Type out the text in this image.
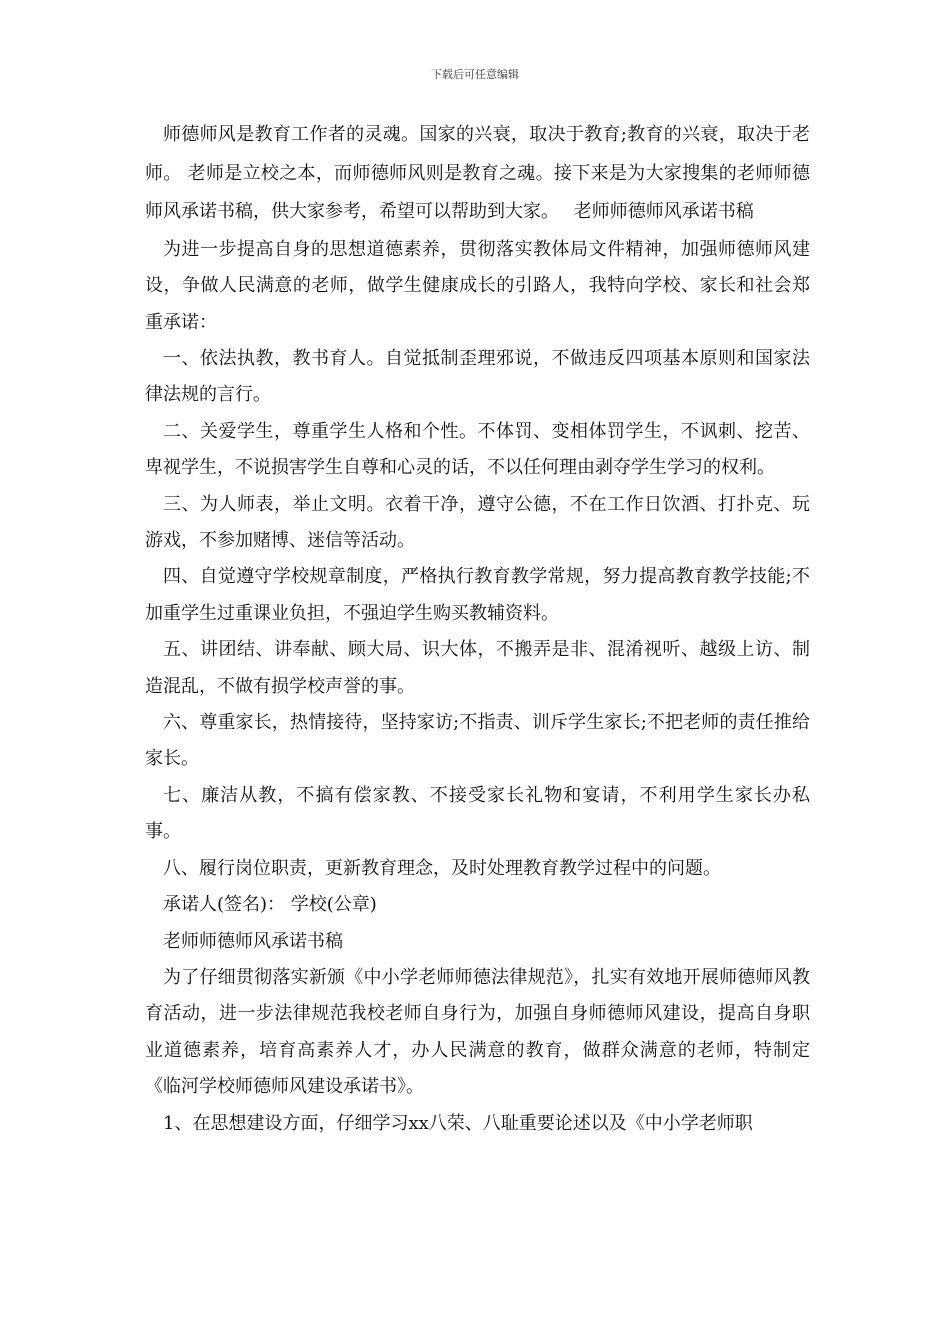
下载后可任意编辑

师德师风是教育工作者的灵魂。国家的兴衰，取决于教育;教育的兴衰，取决于老师。 老师是立校之本，而师德师风则是教育之魂。接下来是为大家搜集的老师师德师风承诺书稿，供大家参考，希望可以帮助到大家。　 老师师德师风承诺书稿

为进一步提高自身的思想道德素养，贯彻落实教体局文件精神，加强师德师风建设，争做人民满意的老师，做学生健康成长的引路人，我特向学校、家长和社会郑重承诺：

一、依法执教，教书育人。自觉抵制歪理邪说，不做违反四项基本原则和国家法律法规的言行。

二、关爱学生，尊重学生人格和个性。不体罚、变相体罚学生，不讽刺、挖苦、卑视学生，不说损害学生自尊和心灵的话，不以任何理由剥夺学生学习的权利。

三、为人师表，举止文明。衣着干净，遵守公德，不在工作日饮酒、打扑克、玩游戏，不参加赌博、迷信等活动。

四、自觉遵守学校规章制度，严格执行教育教学常规，努力提高教育教学技能;不加重学生过重课业负担，不强迫学生购买教辅资料。

五、讲团结、讲奉献、顾大局、识大体，不搬弄是非、混淆视听、越级上访、制造混乱，不做有损学校声誉的事。

六、尊重家长，热情接待，坚持家访;不指责、训斥学生家长;不把老师的责任推给家长。

七、廉洁从教，不搞有偿家教、不接受家长礼物和宴请，不利用学生家长办私事。

八、履行岗位职责，更新教育理念，及时处理教育教学过程中的问题。

承诺人(签名)： 学校(公章)

老师师德师风承诺书稿

为了仔细贯彻落实新颁《中小学老师师德法律规范》，扎实有效地开展师德师风教育活动，进一步法律规范我校老师自身行为，加强自身师德师风建设，提高自身职业道德素养，培育高素养人才，办人民满意的教育，做群众满意的老师，特制定《临河学校师德师风建设承诺书》。

1、在思想建设方面，仔细学习xx八荣、八耻重要论述以及《中小学老师职
